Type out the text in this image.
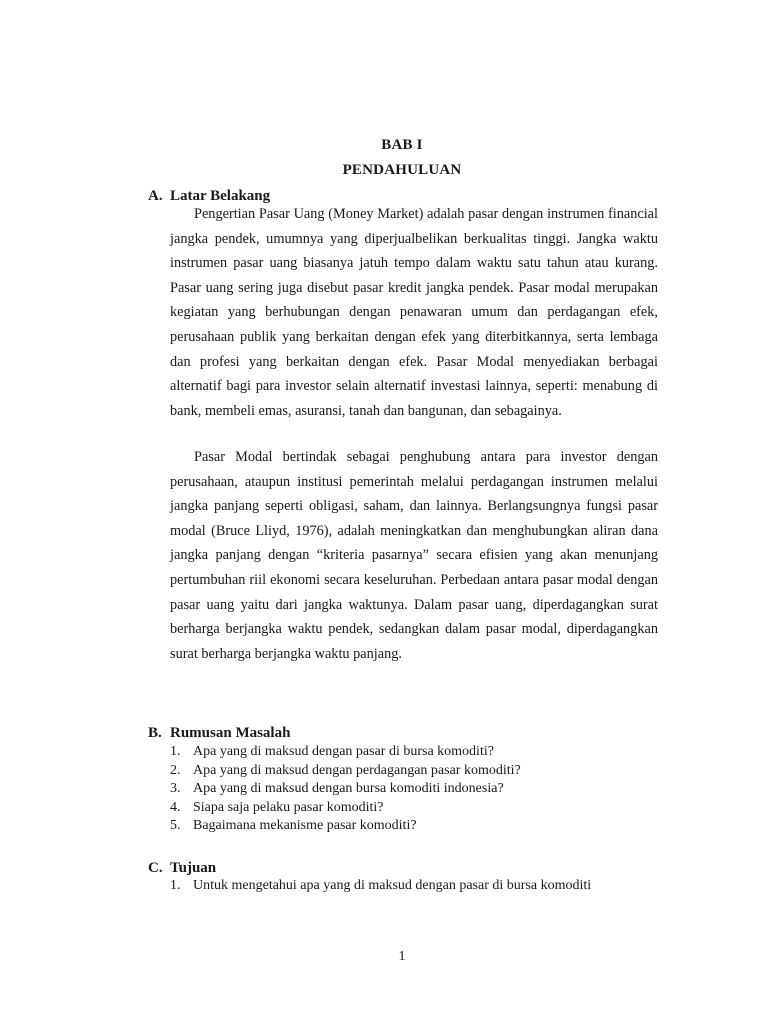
BAB I
PENDAHULUAN
A. Latar Belakang

Pengertian Pasar Uang (Money Market) adalah pasar dengan instrumen financial jangka pendek, umumnya yang diperjualbelikan berkualitas tinggi. Jangka waktu instrumen pasar uang biasanya jatuh tempo dalam waktu satu tahun atau kurang. Pasar uang sering juga disebut pasar kredit jangka pendek. Pasar modal merupakan kegiatan yang berhubungan dengan penawaran umum dan perdagangan efek, perusahaan publik yang berkaitan dengan efek yang diterbitkannya, serta lembaga dan profesi yang berkaitan dengan efek. Pasar Modal menyediakan berbagai alternatif bagi para investor selain alternatif investasi lainnya, seperti: menabung di bank, membeli emas, asuransi, tanah dan bangunan, dan sebagainya.

Pasar Modal bertindak sebagai penghubung antara para investor dengan perusahaan, ataupun institusi pemerintah melalui perdagangan instrumen melalui jangka panjang seperti obligasi, saham, dan lainnya. Berlangsungnya fungsi pasar modal (Bruce Lliyd, 1976), adalah meningkatkan dan menghubungkan aliran dana jangka panjang dengan “kriteria pasarnya” secara efisien yang akan menunjang pertumbuhan riil ekonomi secara keseluruhan. Perbedaan antara pasar modal dengan pasar uang yaitu dari jangka waktunya. Dalam pasar uang, diperdagangkan surat berharga berjangka waktu pendek, sedangkan dalam pasar modal, diperdagangkan surat berharga berjangka waktu panjang.

B. Rumusan Masalah
1. Apa yang di maksud dengan pasar di bursa komoditi?
2. Apa yang di maksud dengan perdagangan pasar komoditi?
3. Apa yang di maksud dengan bursa komoditi indonesia?
4. Siapa saja pelaku pasar komoditi?
5. Bagaimana mekanisme pasar komoditi?
C. Tujuan
1. Untuk mengetahui apa yang di maksud dengan pasar di bursa komoditi
1
